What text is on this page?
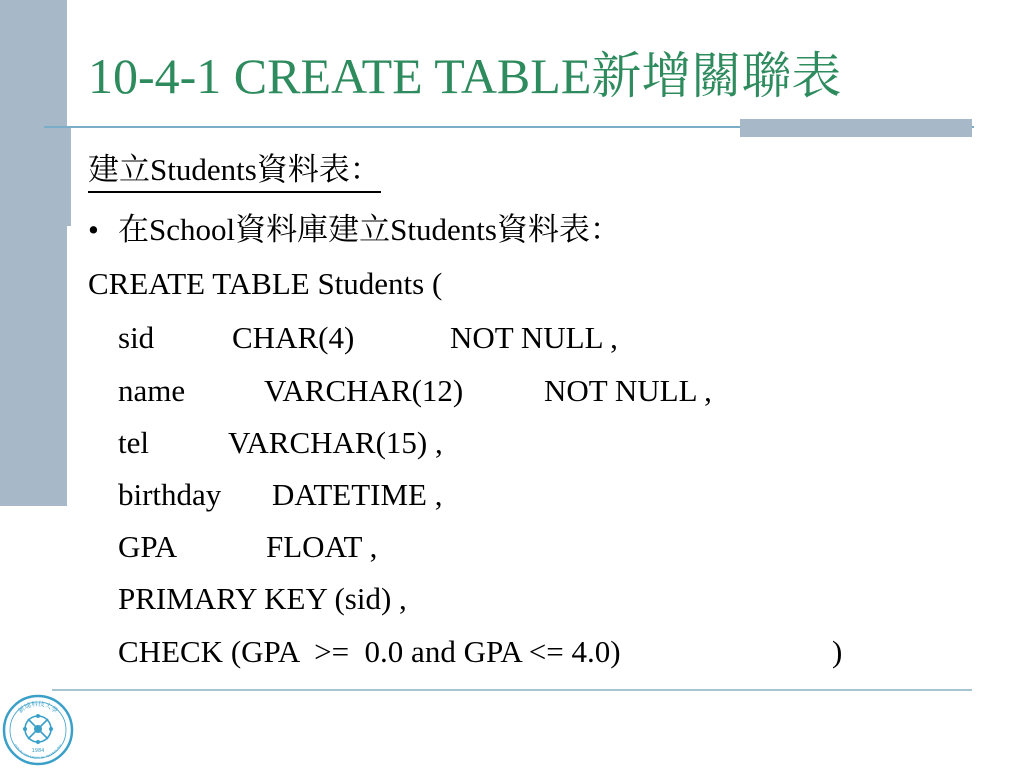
10-4-1 CREATE TABLE新增關聯表
建立Students資料表：
• 在School資料庫建立Students資料表：
CREATE TABLE Students (
sid	CHAR(4)	NOT NULL ,
name	VARCHAR(12)	NOT NULL ,
tel	VARCHAR(15) ,
birthday DATETIME ,
GPA	FLOAT ,
PRIMARY KEY (sid) ,
CHECK (GPA  >=  0.0 and GPA <= 4.0)	)
新埔科技大學
HSIN PU UNIVERSITY OF TECHNOLOGY
1984
